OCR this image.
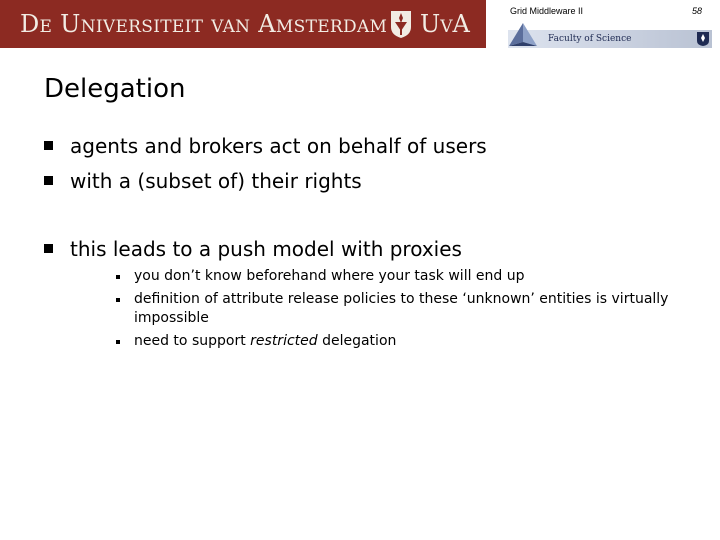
De Universiteit van Amsterdam UvA	Grid Middleware II	58
Faculty of Science
Delegation
agents and brokers act on behalf of users
with a (subset of) their rights
this leads to a push model with proxies
you don’t know beforehand where your task will end up
definition of attribute release policies to these ‘unknown’ entities is virtually impossible
need to support restricted delegation
